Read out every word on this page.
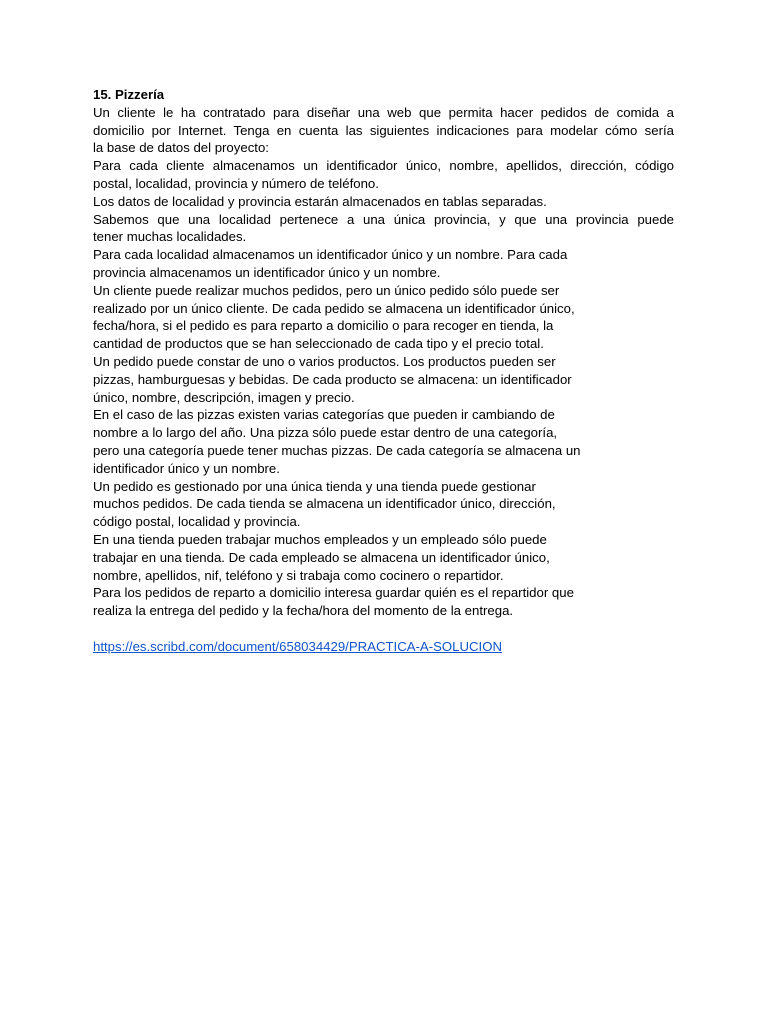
15. Pizzería
Un cliente le ha contratado para diseñar una web que permita hacer pedidos de comida a
domicilio por Internet. Tenga en cuenta las siguientes indicaciones para modelar cómo sería
la base de datos del proyecto:
Para cada cliente almacenamos un identificador único, nombre, apellidos, dirección, código
postal, localidad, provincia y número de teléfono.
Los datos de localidad y provincia estarán almacenados en tablas separadas.
Sabemos que una localidad pertenece a una única provincia, y que una provincia puede
tener muchas localidades.
Para cada localidad almacenamos un identificador único y un nombre. Para cada
provincia almacenamos un identificador único y un nombre.
Un cliente puede realizar muchos pedidos, pero un único pedido sólo puede ser
realizado por un único cliente. De cada pedido se almacena un identificador único,
fecha/hora, si el pedido es para reparto a domicilio o para recoger en tienda, la
cantidad de productos que se han seleccionado de cada tipo y el precio total.
Un pedido puede constar de uno o varios productos. Los productos pueden ser
pizzas, hamburguesas y bebidas. De cada producto se almacena: un identificador
único, nombre, descripción, imagen y precio.
En el caso de las pizzas existen varias categorías que pueden ir cambiando de
nombre a lo largo del año. Una pizza sólo puede estar dentro de una categoría,
pero una categoría puede tener muchas pizzas. De cada categoría se almacena un
identificador único y un nombre.
Un pedido es gestionado por una única tienda y una tienda puede gestionar
muchos pedidos. De cada tienda se almacena un identificador único, dirección,
código postal, localidad y provincia.
En una tienda pueden trabajar muchos empleados y un empleado sólo puede
trabajar en una tienda. De cada empleado se almacena un identificador único,
nombre, apellidos, nif, teléfono y si trabaja como cocinero o repartidor.
Para los pedidos de reparto a domicilio interesa guardar quién es el repartidor que
realiza la entrega del pedido y la fecha/hora del momento de la entrega.
https://es.scribd.com/document/658034429/PRACTICA-A-SOLUCION
